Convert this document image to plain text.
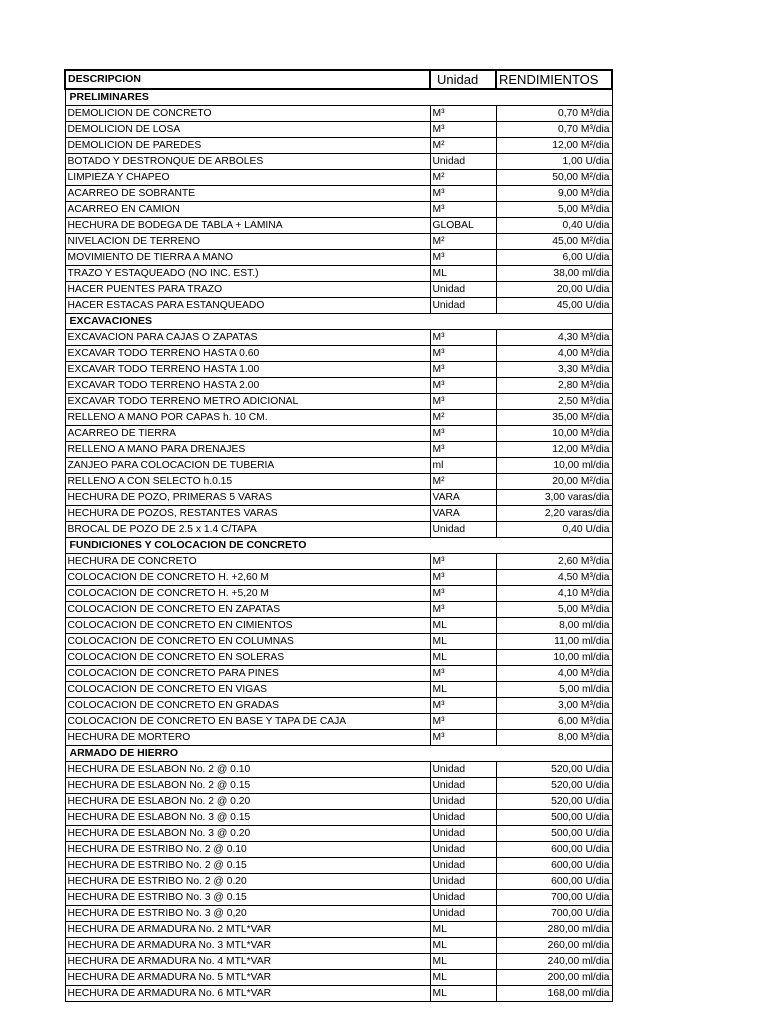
DESCRIPCION	Unidad	RENDIMIENTOS
PRELIMINARES		
DEMOLICION DE CONCRETO	M³	0,70 M³/dia
DEMOLICION DE LOSA	M³	0,70 M³/dia
DEMOLICION DE PAREDES	M²	12,00 M²/dia
BOTADO Y DESTRONQUE DE ARBOLES	Unidad	1,00 U/dia
LIMPIEZA Y CHAPEO	M²	50,00 M²/dia
ACARREO DE SOBRANTE	M³	9,00 M³/dia
ACARREO EN CAMION	M³	5,00 M³/dia
HECHURA DE BODEGA DE TABLA + LAMINA	GLOBAL	0,40 U/dia
NIVELACION DE TERRENO	M²	45,00 M²/dia
MOVIMIENTO DE TIERRA A MANO	M³	6,00 U/dia
TRAZO Y ESTAQUEADO (NO INC. EST.)	ML	38,00 ml/dia
HACER PUENTES PARA TRAZO	Unidad	20,00 U/dia
HACER ESTACAS PARA ESTANQUEADO	Unidad	45,00 U/dia
EXCAVACIONES		
EXCAVACION PARA CAJAS O ZAPATAS	M³	4,30 M³/dia
EXCAVAR TODO TERRENO HASTA 0.60	M³	4,00 M³/dia
EXCAVAR TODO TERRENO HASTA 1.00	M³	3,30 M³/dia
EXCAVAR TODO TERRENO HASTA 2.00	M³	2,80 M³/dia
EXCAVAR TODO TERRENO METRO ADICIONAL	M³	2,50 M³/dia
RELLENO A MANO POR CAPAS h. 10 CM.	M²	35,00 M²/dia
ACARREO DE TIERRA	M³	10,00 M³/dia
RELLENO A MANO PARA DRENAJES	M³	12,00 M³/dia
ZANJEO PARA COLOCACION DE TUBERIA	ml	10,00 ml/dia
RELLENO A CON SELECTO h.0.15	M²	20,00 M²/dia
HECHURA DE POZO, PRIMERAS 5 VARAS	VARA	3,00 varas/dia
HECHURA DE POZOS, RESTANTES VARAS	VARA	2,20 varas/dia
BROCAL DE POZO DE 2.5 x 1.4 C/TAPA	Unidad	0,40 U/dia
FUNDICIONES Y COLOCACION DE CONCRETO		
HECHURA DE CONCRETO	M³	2,60 M³/dia
COLOCACION DE CONCRETO H. +2,60 M	M³	4,50 M³/dia
COLOCACION DE CONCRETO H. +5,20 M	M³	4,10 M³/dia
COLOCACION DE CONCRETO EN ZAPATAS	M³	5,00 M³/dia
COLOCACION DE CONCRETO EN CIMIENTOS	ML	8,00 ml/dia
COLOCACION DE CONCRETO EN COLUMNAS	ML	11,00 ml/dia
COLOCACION DE CONCRETO EN SOLERAS	ML	10,00 ml/dia
COLOCACION DE CONCRETO PARA PINES	M³	4,00 M³/dia
COLOCACION DE CONCRETO EN VIGAS	ML	5,00 ml/dia
COLOCACION DE CONCRETO EN GRADAS	M³	3,00 M³/dia
COLOCACION DE CONCRETO EN BASE Y TAPA DE CAJA	M³	6,00 M³/dia
HECHURA DE MORTERO	M³	8,00 M³/dia
ARMADO DE HIERRO		
HECHURA DE ESLABON No. 2 @ 0.10	Unidad	520,00 U/dia
HECHURA DE ESLABON No. 2 @ 0.15	Unidad	520,00 U/dia
HECHURA DE ESLABON No. 2 @ 0.20	Unidad	520,00 U/dia
HECHURA DE ESLABON No. 3 @ 0.15	Unidad	500,00 U/dia
HECHURA DE ESLABON No. 3 @ 0.20	Unidad	500,00 U/dia
HECHURA DE ESTRIBO No. 2 @ 0.10	Unidad	600,00 U/dia
HECHURA DE ESTRIBO No. 2 @ 0.15	Unidad	600,00 U/dia
HECHURA DE ESTRIBO No. 2 @ 0.20	Unidad	600,00 U/dia
HECHURA DE ESTRIBO No. 3 @ 0.15	Unidad	700,00 U/dia
HECHURA DE ESTRIBO No. 3 @ 0,20	Unidad	700,00 U/dia
HECHURA DE ARMADURA No. 2 MTL*VAR	ML	280,00 ml/dia
HECHURA DE ARMADURA No. 3 MTL*VAR	ML	260,00 ml/dia
HECHURA DE ARMADURA No. 4 MTL*VAR	ML	240,00 ml/dia
HECHURA DE ARMADURA No. 5 MTL*VAR	ML	200,00 ml/dia
HECHURA DE ARMADURA No. 6 MTL*VAR	ML	168,00 ml/dia
